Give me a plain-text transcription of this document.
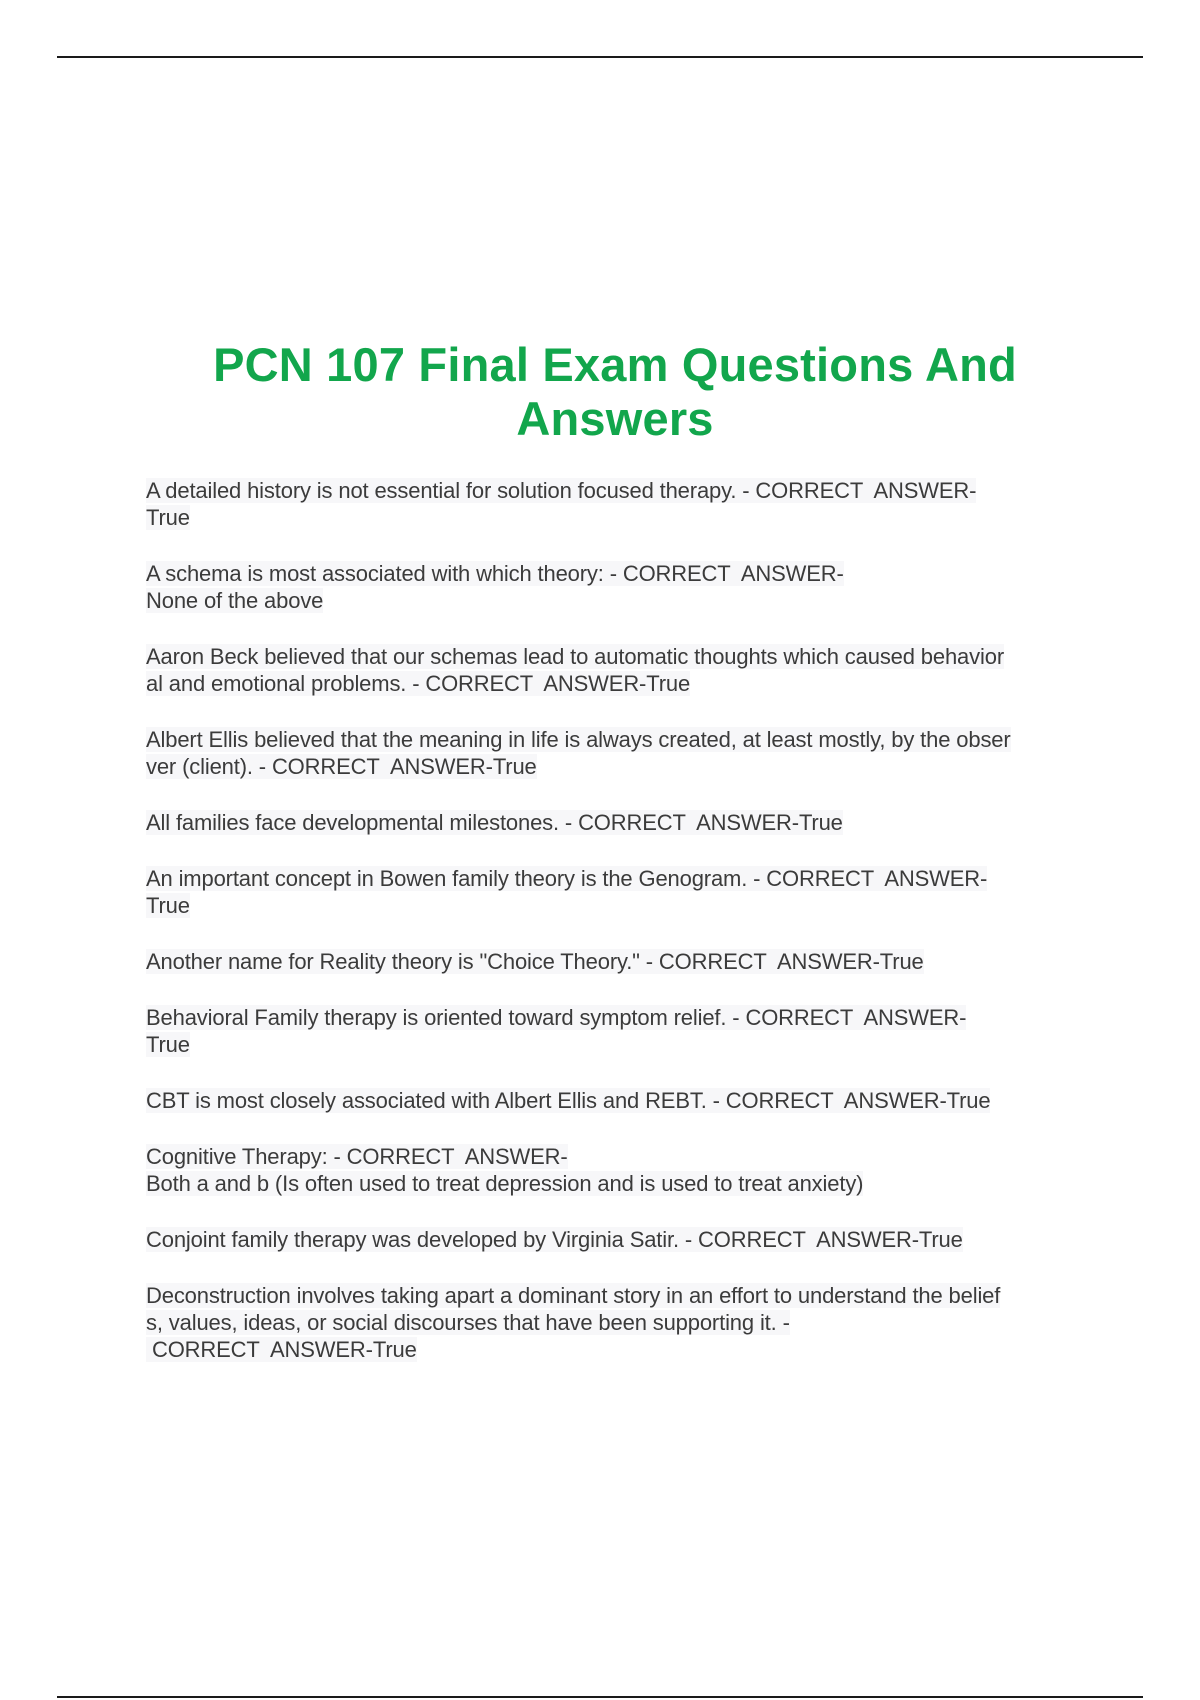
PCN 107 Final Exam Questions And
Answers
A detailed history is not essential for solution focused therapy. - CORRECT  ANSWER-
True
A schema is most associated with which theory: - CORRECT  ANSWER-
None of the above
Aaron Beck believed that our schemas lead to automatic thoughts which caused behavior
al and emotional problems. - CORRECT  ANSWER-True
Albert Ellis believed that the meaning in life is always created, at least mostly, by the obser
ver (client). - CORRECT  ANSWER-True
All families face developmental milestones. - CORRECT  ANSWER-True
An important concept in Bowen family theory is the Genogram. - CORRECT  ANSWER-
True
Another name for Reality theory is "Choice Theory." - CORRECT  ANSWER-True
Behavioral Family therapy is oriented toward symptom relief. - CORRECT  ANSWER-
True
CBT is most closely associated with Albert Ellis and REBT. - CORRECT  ANSWER-True
Cognitive Therapy: - CORRECT  ANSWER-
Both a and b (Is often used to treat depression and is used to treat anxiety)
Conjoint family therapy was developed by Virginia Satir. - CORRECT  ANSWER-True
Deconstruction involves taking apart a dominant story in an effort to understand the belief
s, values, ideas, or social discourses that have been supporting it. -
CORRECT  ANSWER-True
